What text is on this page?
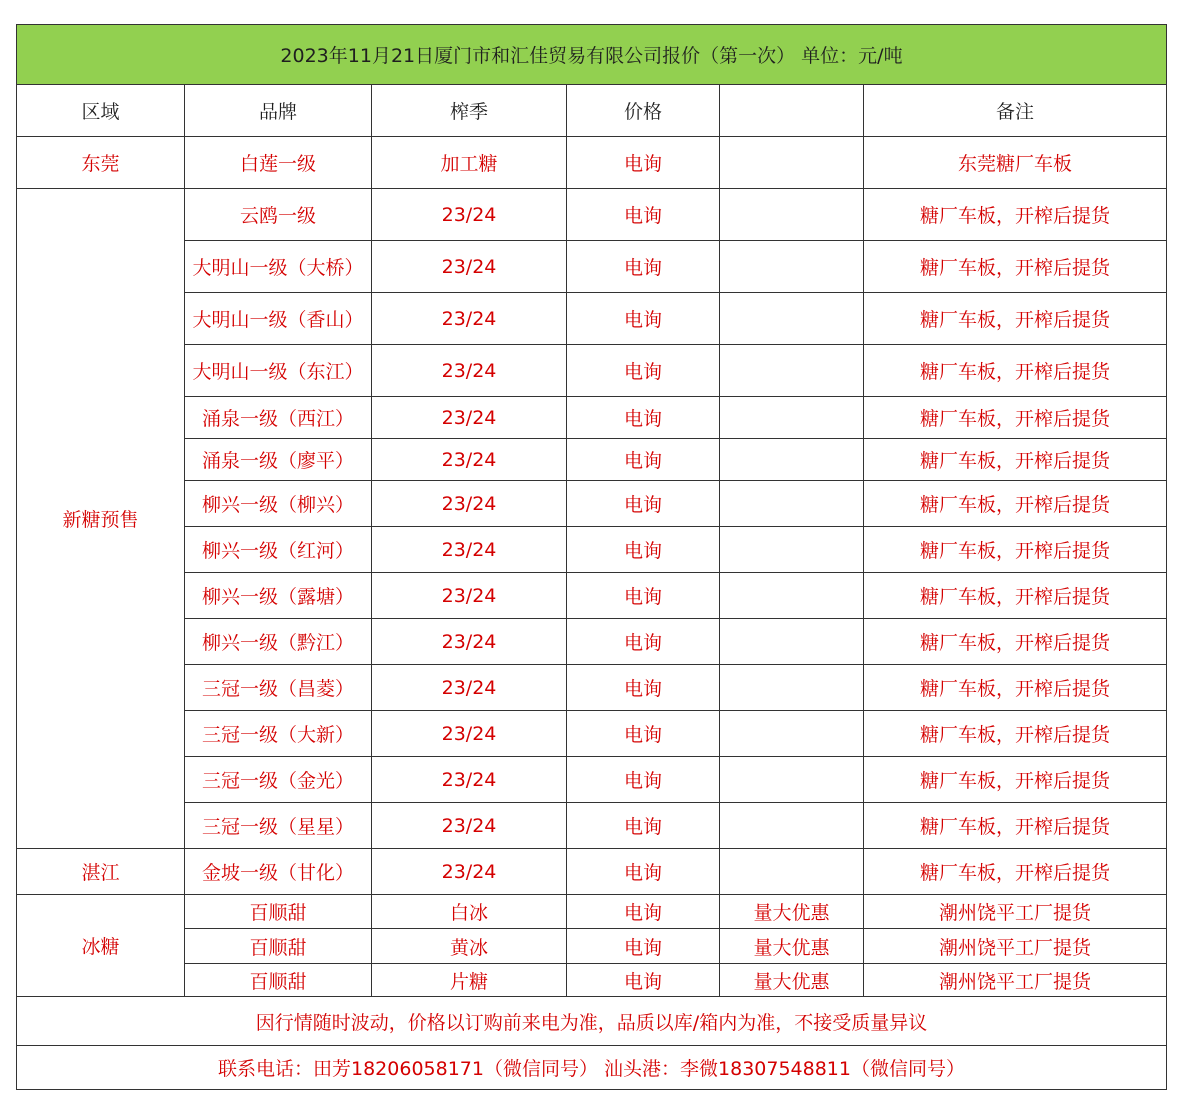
2023年11月21日厦门市和汇佳贸易有限公司报价（第一次） 单位：元/吨					
区域	品牌	榨季	价格		备注
东莞	白莲一级	加工糖	电询		东莞糖厂车板
新糖预售	云鸥一级	23/24	电询		糖厂车板，开榨后提货
	大明山一级（大桥）	23/24	电询		糖厂车板，开榨后提货
	大明山一级（香山）	23/24	电询		糖厂车板，开榨后提货
	大明山一级（东江）	23/24	电询		糖厂车板，开榨后提货
	涌泉一级（西江）	23/24	电询		糖厂车板，开榨后提货
	涌泉一级（廖平）	23/24	电询		糖厂车板，开榨后提货
	柳兴一级（柳兴）	23/24	电询		糖厂车板，开榨后提货
	柳兴一级（红河）	23/24	电询		糖厂车板，开榨后提货
	柳兴一级（露塘）	23/24	电询		糖厂车板，开榨后提货
	柳兴一级（黔江）	23/24	电询		糖厂车板，开榨后提货
	三冠一级（昌菱）	23/24	电询		糖厂车板，开榨后提货
	三冠一级（大新）	23/24	电询		糖厂车板，开榨后提货
	三冠一级（金光）	23/24	电询		糖厂车板，开榨后提货
	三冠一级（星星）	23/24	电询		糖厂车板，开榨后提货
湛江	金坡一级（甘化）	23/24	电询		糖厂车板，开榨后提货
冰糖	百顺甜	白冰	电询	量大优惠	潮州饶平工厂提货
	百顺甜	黄冰	电询	量大优惠	潮州饶平工厂提货
	百顺甜	片糖	电询	量大优惠	潮州饶平工厂提货
因行情随时波动，价格以订购前来电为准，品质以库/箱内为准，不接受质量异议					
联系电话：田芳18206058171（微信同号） 汕头港：李微18307548811（微信同号）					
